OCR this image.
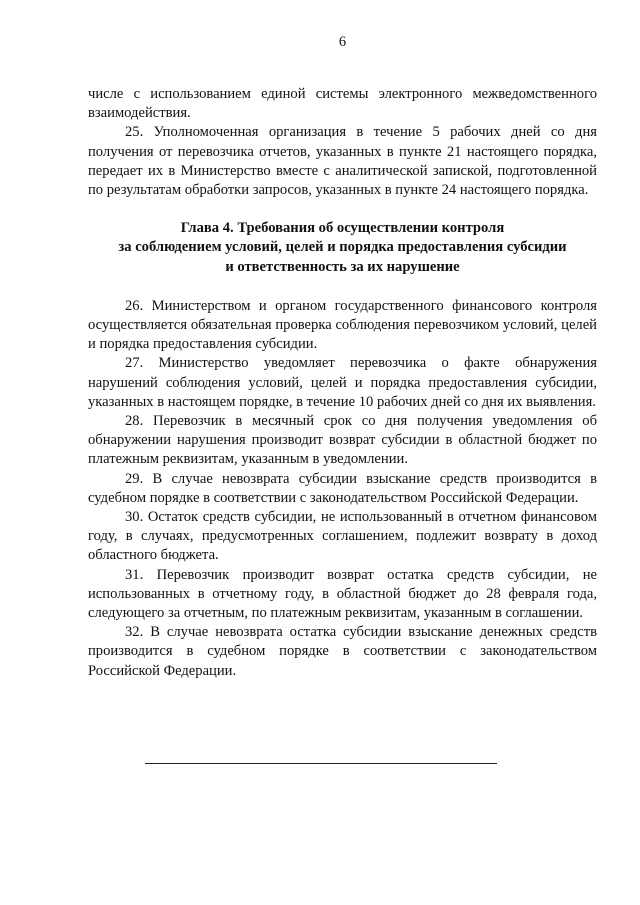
6

числе с использованием единой системы электронного межведомственного взаимодействия.

25. Уполномоченная организация в течение 5 рабочих дней со дня получения от перевозчика отчетов, указанных в пункте 21 настоящего порядка, передает их в Министерство вместе с аналитической запиской, подготовленной по результатам обработки запросов, указанных в пункте 24 настоящего порядка.

Глава 4. Требования об осуществлении контроля
за соблюдением условий, целей и порядка предоставления субсидии
и ответственность за их нарушение

26. Министерством и органом государственного финансового контроля осуществляется обязательная проверка соблюдения перевозчиком условий, целей и порядка предоставления субсидии.

27. Министерство уведомляет перевозчика о факте обнаружения нарушений соблюдения условий, целей и порядка предоставления субсидии, указанных в настоящем порядке, в течение 10 рабочих дней со дня их выявления.

28. Перевозчик в месячный срок со дня получения уведомления об обнаружении нарушения производит возврат субсидии в областной бюджет по платежным реквизитам, указанным в уведомлении.

29. В случае невозврата субсидии взыскание средств производится в судебном порядке в соответствии с законодательством Российской Федерации.

30. Остаток средств субсидии, не использованный в отчетном финансовом году, в случаях, предусмотренных соглашением, подлежит возврату в доход областного бюджета.

31. Перевозчик производит возврат остатка средств субсидии, не использованных в отчетному году, в областной бюджет до 28 февраля года, следующего за отчетным, по платежным реквизитам, указанным в соглашении.

32. В случае невозврата остатка субсидии взыскание денежных средств производится в судебном порядке в соответствии с законодательством Российской Федерации.
